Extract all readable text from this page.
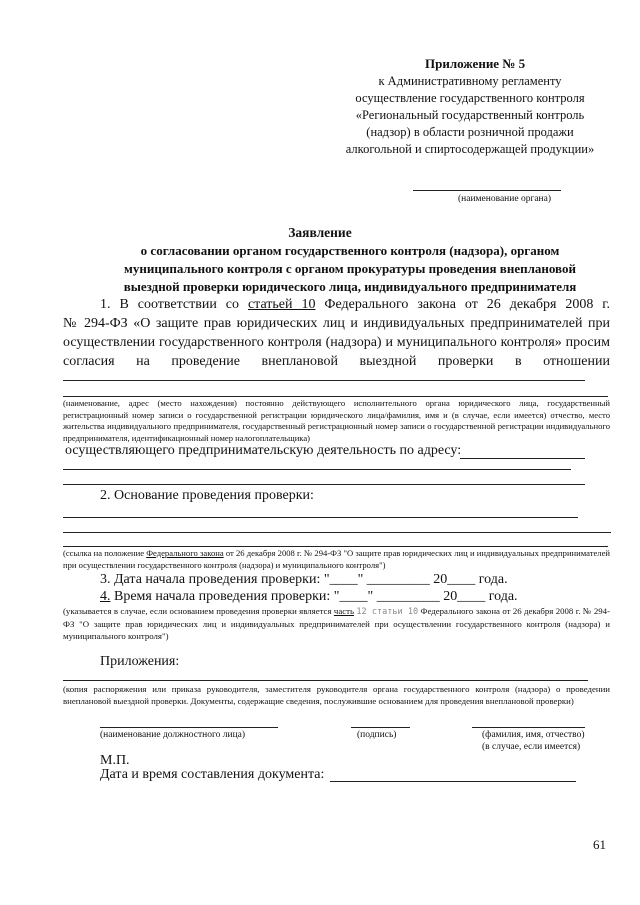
Приложение № 5
к Административному регламенту
осуществление государственного контроля
«Региональный государственный контроль
(надзор) в области розничной продажи
алкогольной и спиртосодержащей продукции»
(наименование органа)
Заявление
о согласовании органом государственного контроля (надзора), органом
муниципального контроля с органом прокуратуры проведения внеплановой
выездной проверки юридического лица, индивидуального предпринимателя
1. В соответствии со статьей 10 Федерального закона от 26 декабря 2008 г.
№ 294-ФЗ «О защите прав юридических лиц и индивидуальных предпринимателей при
осуществлении государственного контроля (надзора) и муниципального контроля» просим
согласия на проведение внеплановой выездной проверки в отношении
(наименование, адрес (место нахождения) постоянно действующего исполнительного органа юридического лица, государственный регистрационный номер записи о государственной регистрации юридического лица/фамилия, имя и (в случае, если имеется) отчество, место жительства индивидуального предпринимателя, государственный регистрационный номер записи о государственной регистрации индивидуального предпринимателя, идентификационный номер налогоплательщика)
осуществляющего предпринимательскую деятельность по адресу:
2. Основание проведения проверки:
(ссылка на положение Федерального закона от 26 декабря 2008 г. № 294-ФЗ "О защите прав юридических лиц и индивидуальных предпринимателей при осуществлении государственного контроля (надзора) и муниципального контроля")
3. Дата начала проведения проверки: "____" _________ 20____ года.
4. Время начала проведения проверки: "____" _________ 20____ года.
(указывается в случае, если основанием проведения проверки является часть 12 статьи 10 Федерального закона от 26 декабря 2008 г. № 294-ФЗ "О защите прав юридических лиц и индивидуальных предпринимателей при осуществлении государственного контроля (надзора) и муниципального контроля")
Приложения:
(копия распоряжения или приказа руководителя, заместителя руководителя органа государственного контроля (надзора) о проведении внеплановой выездной проверки. Документы, содержащие сведения, послужившие основанием для проведения внеплановой проверки)
(наименование должностного лица)	(подпись)	(фамилия, имя, отчество)
(в случае, если имеется)
М.П.
Дата и время составления документа:
61
